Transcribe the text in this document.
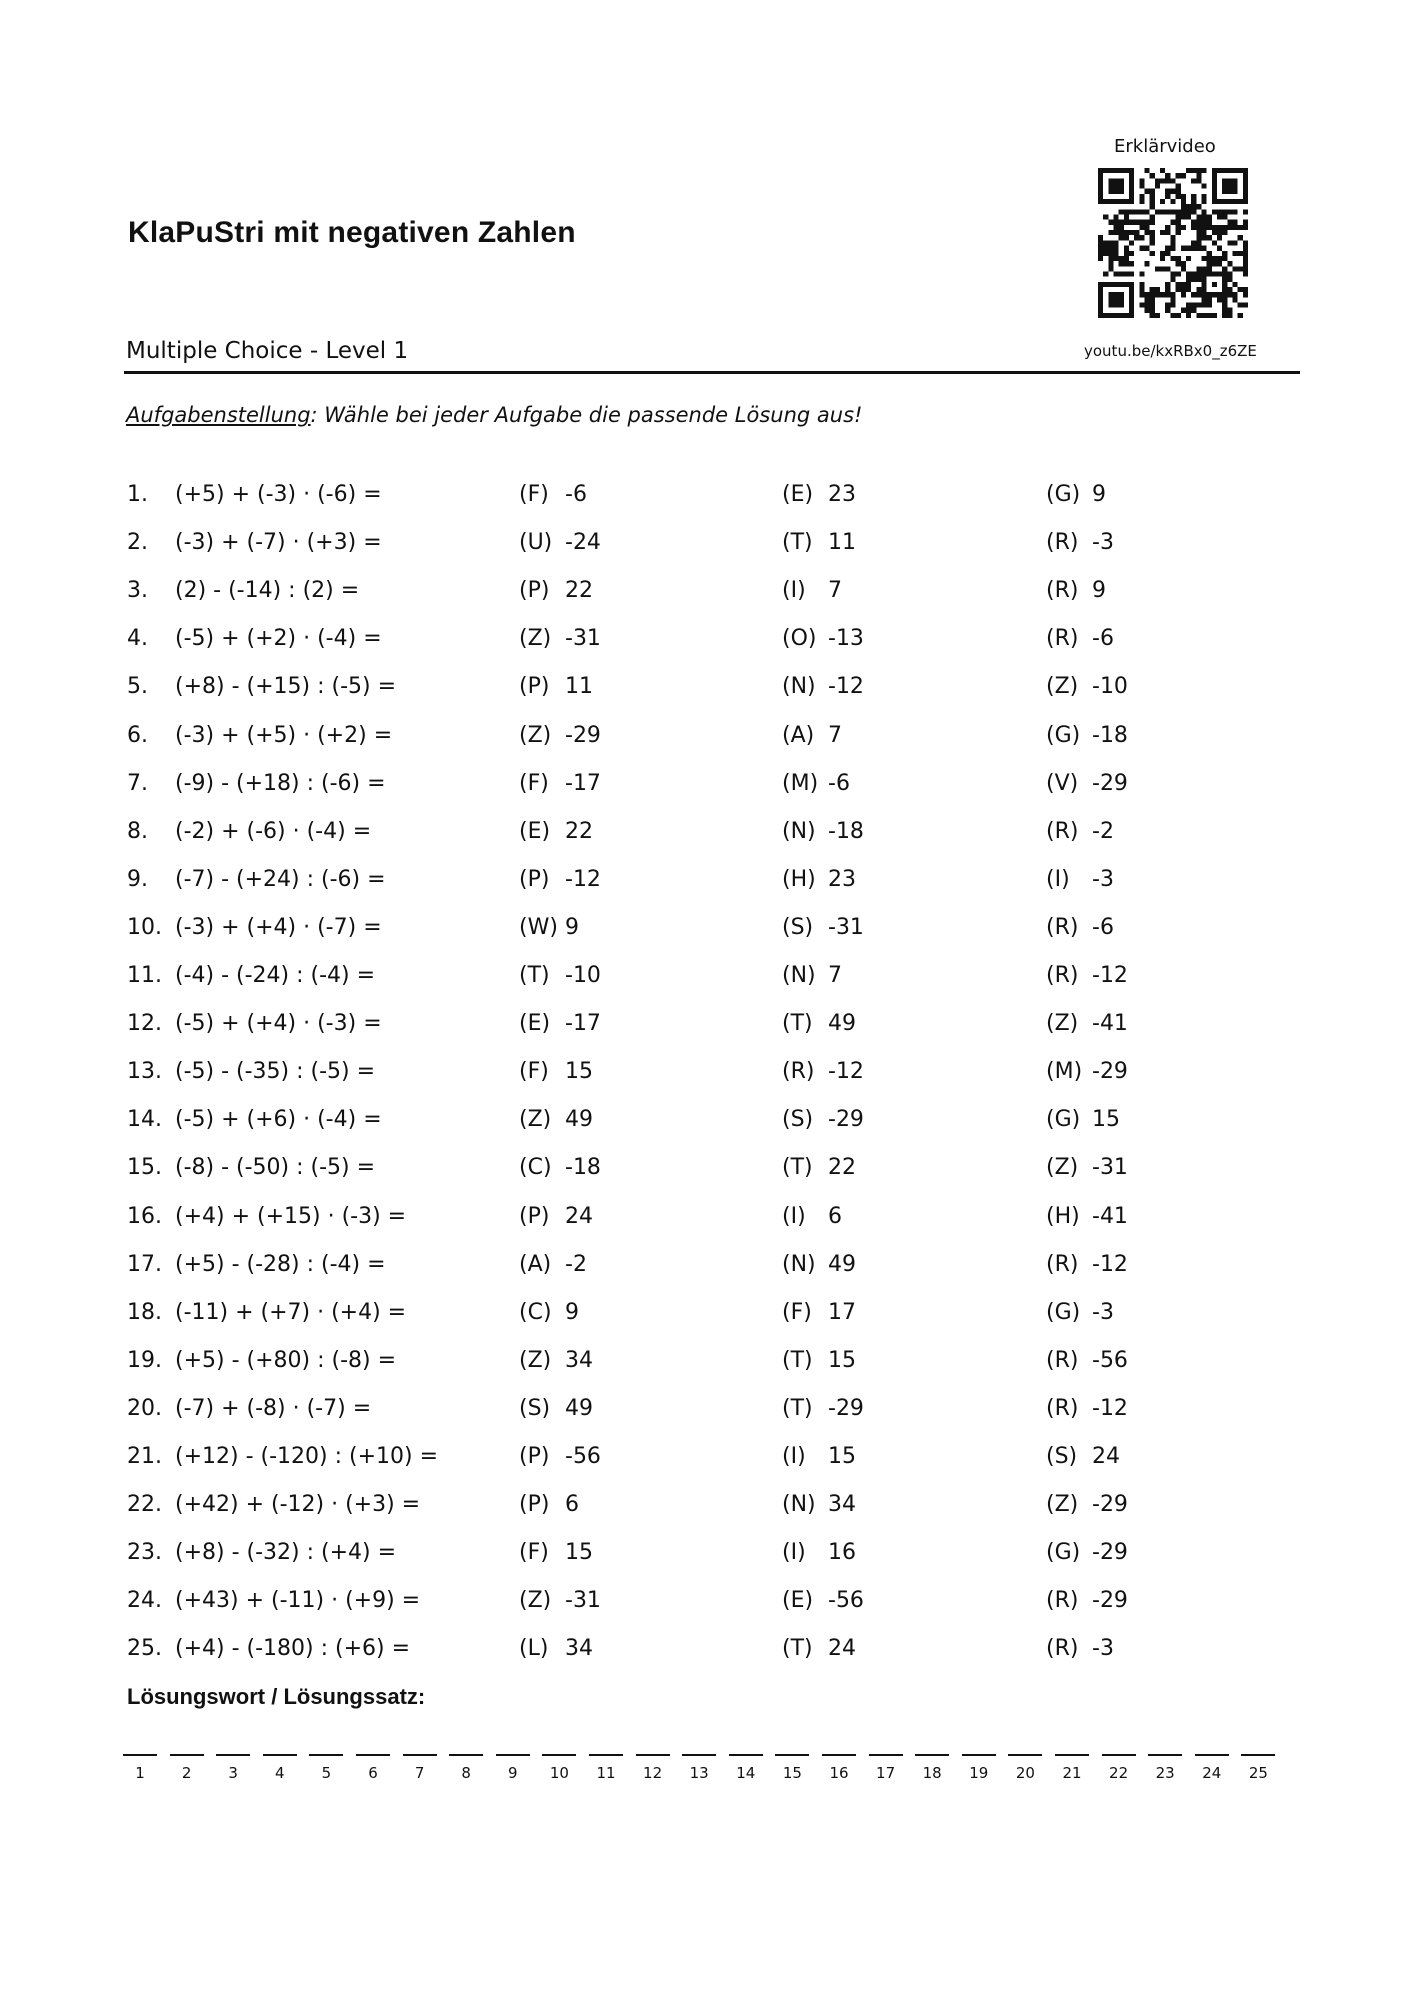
KlaPuStri mit negativen Zahlen
Erklärvideo
youtu.be/kxRBx0_z6ZE
Multiple Choice - Level 1
Aufgabenstellung: Wähle bei jeder Aufgabe die passende Lösung aus!
1. (+5) + (-3) · (-6) =	(F) -6	(E) 23	(G) 9
2. (-3) + (-7) · (+3) =	(U) -24	(T) 11	(R) -3
3. (2) - (-14) : (2) =	(P) 22	(I) 7	(R) 9
4. (-5) + (+2) · (-4) =	(Z) -31	(O) -13	(R) -6
5. (+8) - (+15) : (-5) =	(P) 11	(N) -12	(Z) -10
6. (-3) + (+5) · (+2) =	(Z) -29	(A) 7	(G) -18
7. (-9) - (+18) : (-6) =	(F) -17	(M) -6	(V) -29
8. (-2) + (-6) · (-4) =	(E) 22	(N) -18	(R) -2
9. (-7) - (+24) : (-6) =	(P) -12	(H) 23	(I) -3
10. (-3) + (+4) · (-7) =	(W) 9	(S) -31	(R) -6
11. (-4) - (-24) : (-4) =	(T) -10	(N) 7	(R) -12
12. (-5) + (+4) · (-3) =	(E) -17	(T) 49	(Z) -41
13. (-5) - (-35) : (-5) =	(F) 15	(R) -12	(M) -29
14. (-5) + (+6) · (-4) =	(Z) 49	(S) -29	(G) 15
15. (-8) - (-50) : (-5) =	(C) -18	(T) 22	(Z) -31
16. (+4) + (+15) · (-3) =	(P) 24	(I) 6	(H) -41
17. (+5) - (-28) : (-4) =	(A) -2	(N) 49	(R) -12
18. (-11) + (+7) · (+4) =	(C) 9	(F) 17	(G) -3
19. (+5) - (+80) : (-8) =	(Z) 34	(T) 15	(R) -56
20. (-7) + (-8) · (-7) =	(S) 49	(T) -29	(R) -12
21. (+12) - (-120) : (+10) =	(P) -56	(I) 15	(S) 24
22. (+42) + (-12) · (+3) =	(P) 6	(N) 34	(Z) -29
23. (+8) - (-32) : (+4) =	(F) 15	(I) 16	(G) -29
24. (+43) + (-11) · (+9) =	(Z) -31	(E) -56	(R) -29
25. (+4) - (-180) : (+6) =	(L) 34	(T) 24	(R) -3
Lösungswort / Lösungssatz:
1	2	3	4	5	6	7	8	9	10	11	12	13	14	15	16	17	18	19	20	21	22	23	24	25
